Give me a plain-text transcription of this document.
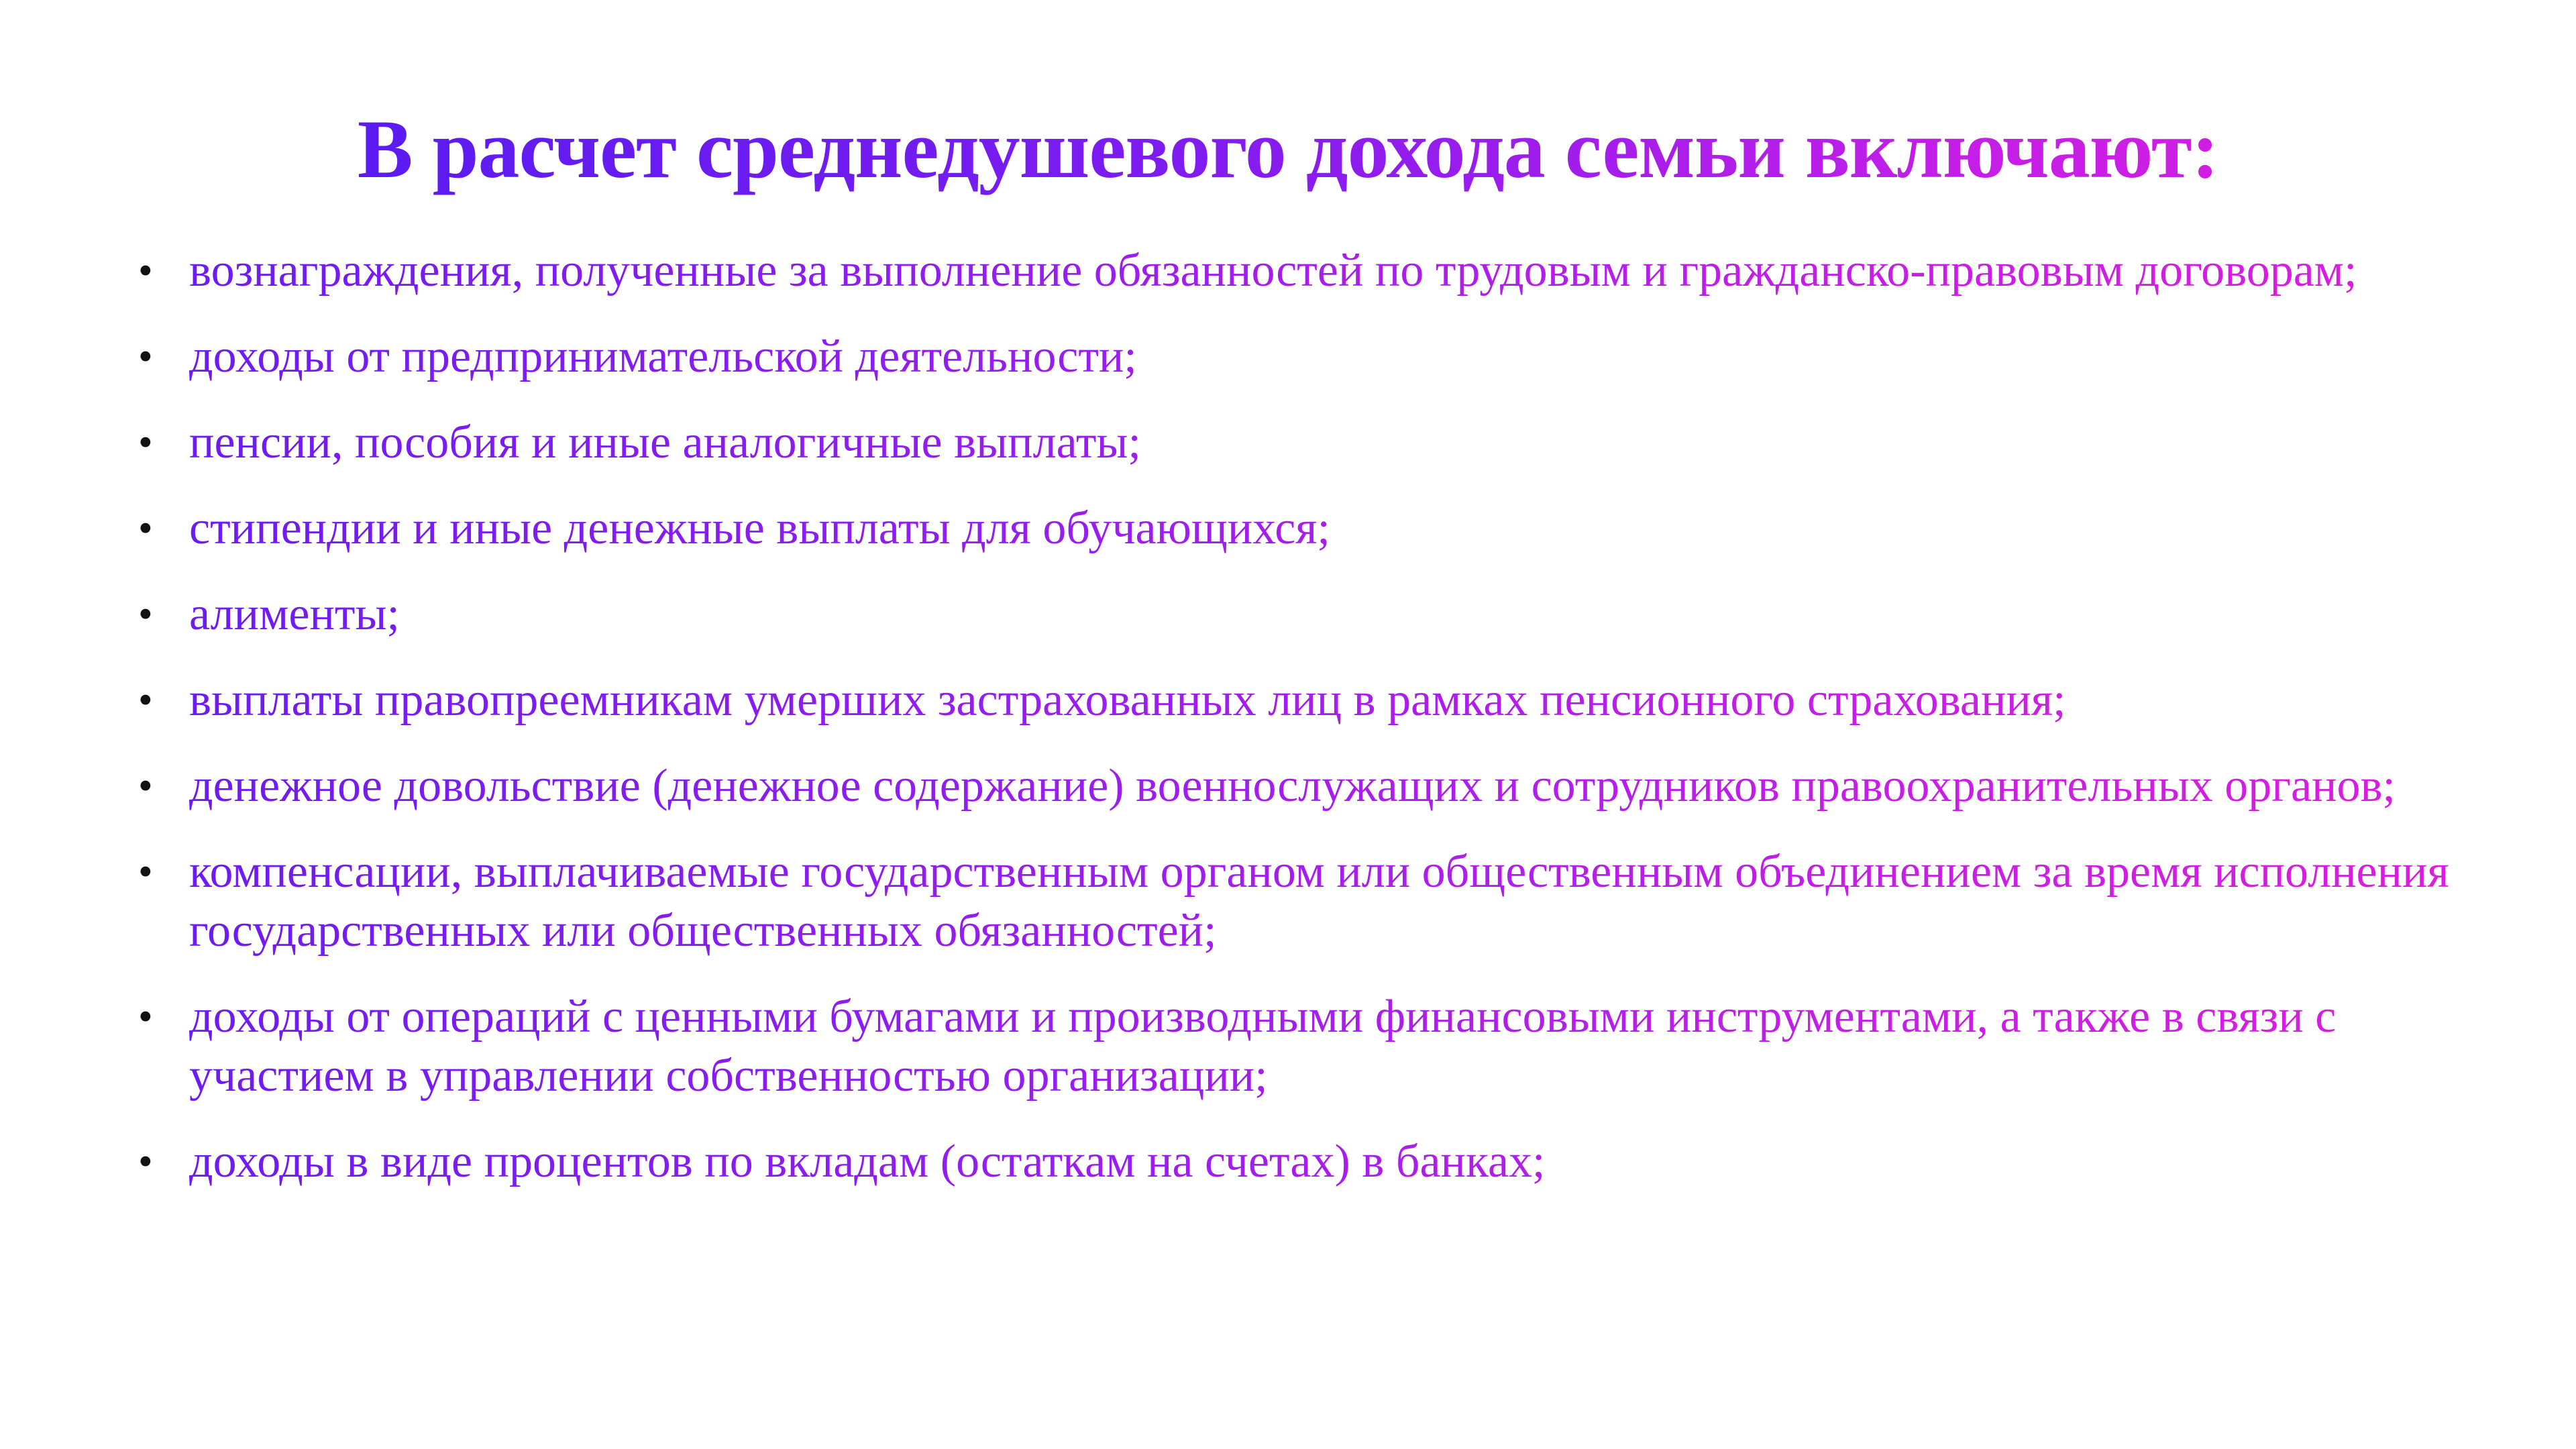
В расчет среднедушевого дохода семьи включают:
• вознаграждения, полученные за выполнение обязанностей по трудовым и гражданско-правовым договорам;
• доходы от предпринимательской деятельности;
• пенсии, пособия и иные аналогичные выплаты;
• стипендии и иные денежные выплаты для обучающихся;
• алименты;
• выплаты правопреемникам умерших застрахованных лиц в рамках пенсионного страхования;
• денежное довольствие (денежное содержание) военнослужащих и сотрудников правоохранительных органов;
• компенсации, выплачиваемые государственным органом или общественным объединением за время исполнения государственных или общественных обязанностей;
• доходы от операций с ценными бумагами и производными финансовыми инструментами, а также в связи с участием в управлении собственностью организации;
• доходы в виде процентов по вкладам (остаткам на счетах) в банках;
